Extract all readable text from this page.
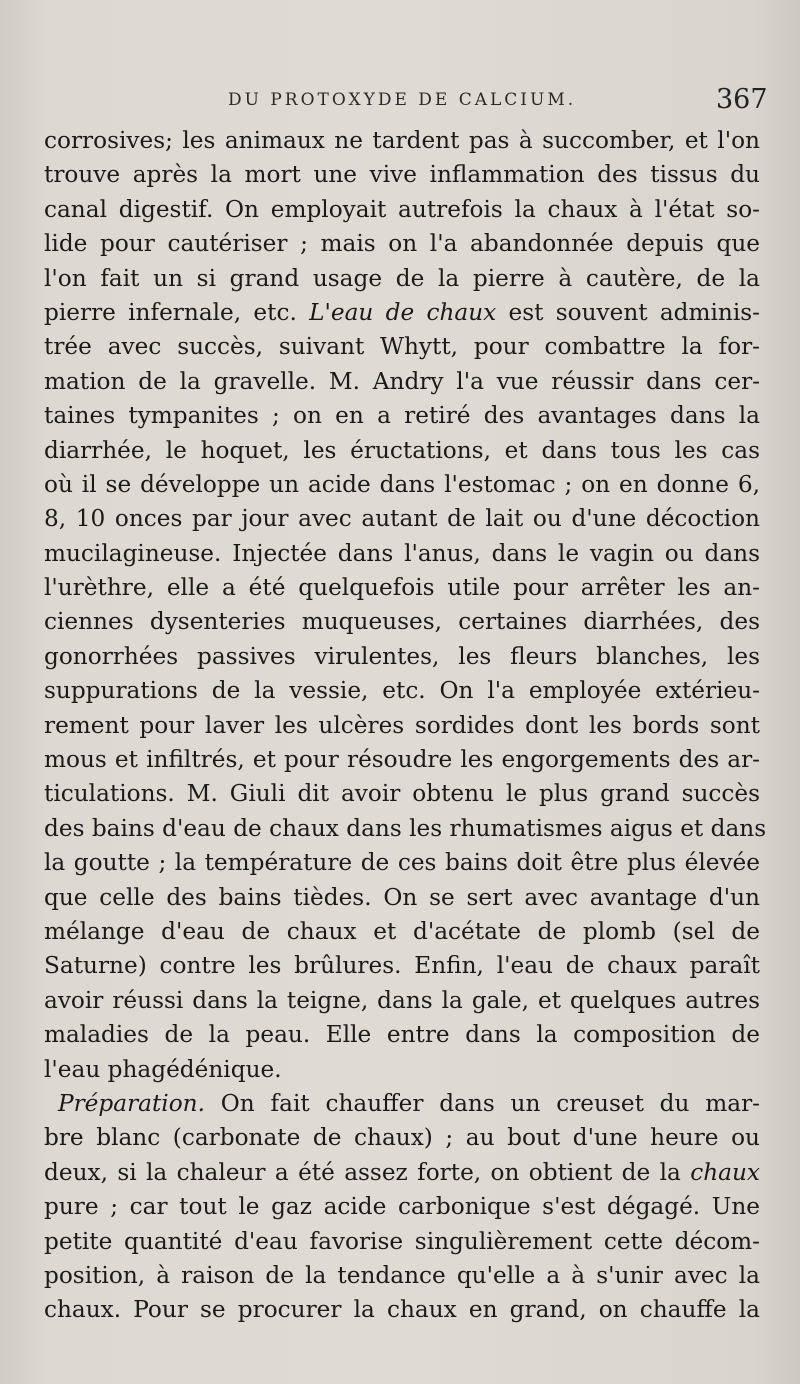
DU PROTOXYDE DE CALCIUM.	367
corrosives; les animaux ne tardent pas à succomber, et l'on
trouve après la mort une vive inflammation des tissus du
canal digestif. On employait autrefois la chaux à l'état so-
lide pour cautériser ; mais on l'a abandonnée depuis que
l'on fait un si grand usage de la pierre à cautère, de la
pierre infernale, etc. L'eau de chaux est souvent adminis-
trée avec succès, suivant Whytt, pour combattre la for-
mation de la gravelle. M. Andry l'a vue réussir dans cer-
taines tympanites ; on en a retiré des avantages dans la
diarrhée, le hoquet, les éructations, et dans tous les cas
où il se développe un acide dans l'estomac ; on en donne 6,
8, 10 onces par jour avec autant de lait ou d'une décoction
mucilagineuse. Injectée dans l'anus, dans le vagin ou dans
l'urèthre, elle a été quelquefois utile pour arrêter les an-
ciennes dysenteries muqueuses, certaines diarrhées, des
gonorrhées passives virulentes, les fleurs blanches, les
suppurations de la vessie, etc. On l'a employée extérieu-
rement pour laver les ulcères sordides dont les bords sont
mous et infiltrés, et pour résoudre les engorgements des ar-
ticulations. M. Giuli dit avoir obtenu le plus grand succès
des bains d'eau de chaux dans les rhumatismes aigus et dans
la goutte ; la température de ces bains doit être plus élevée
que celle des bains tièdes. On se sert avec avantage d'un
mélange d'eau de chaux et d'acétate de plomb (sel de
Saturne) contre les brûlures. Enfin, l'eau de chaux paraît
avoir réussi dans la teigne, dans la gale, et quelques autres
maladies de la peau. Elle entre dans la composition de
l'eau phagédénique.
Préparation. On fait chauffer dans un creuset du mar-
bre blanc (carbonate de chaux) ; au bout d'une heure ou
deux, si la chaleur a été assez forte, on obtient de la chaux
pure ; car tout le gaz acide carbonique s'est dégagé. Une
petite quantité d'eau favorise singulièrement cette décom-
position, à raison de la tendance qu'elle a à s'unir avec la
chaux. Pour se procurer la chaux en grand, on chauffe la
